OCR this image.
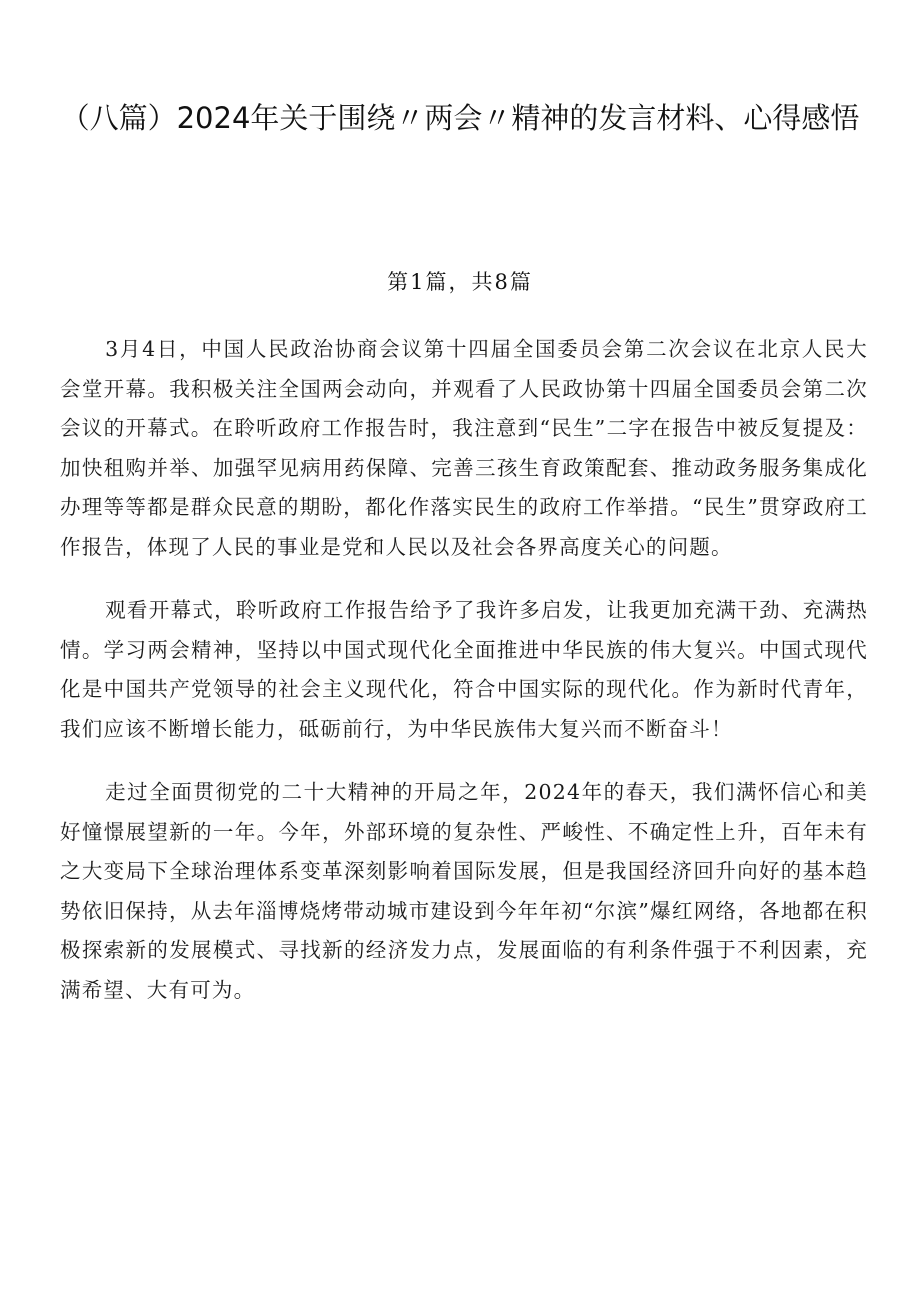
（八篇）2024年关于围绕〃两会〃精神的发言材料、心得感悟
第1篇，共8篇

3月4日，中国人民政治协商会议第十四届全国委员会第二次会议在北京人民大会堂开幕。我积极关注全国两会动向，并观看了人民政协第十四届全国委员会第二次会议的开幕式。在聆听政府工作报告时，我注意到“民生”二字在报告中被反复提及：加快租购并举、加强罕见病用药保障、完善三孩生育政策配套、推动政务服务集成化办理等等都是群众民意的期盼，都化作落实民生的政府工作举措。“民生”贯穿政府工作报告，体现了人民的事业是党和人民以及社会各界高度关心的问题。

观看开幕式，聆听政府工作报告给予了我许多启发，让我更加充满干劲、充满热情。学习两会精神，坚持以中国式现代化全面推进中华民族的伟大复兴。中国式现代化是中国共产党领导的社会主义现代化，符合中国实际的现代化。作为新时代青年，我们应该不断增长能力，砥砺前行，为中华民族伟大复兴而不断奋斗！

走过全面贯彻党的二十大精神的开局之年，2024年的春天，我们满怀信心和美好憧憬展望新的一年。今年，外部环境的复杂性、严峻性、不确定性上升，百年未有之大变局下全球治理体系变革深刻影响着国际发展，但是我国经济回升向好的基本趋势依旧保持，从去年淄博烧烤带动城市建设到今年年初“尔滨”爆红网络，各地都在积极探索新的发展模式、寻找新的经济发力点，发展面临的有利条件强于不利因素，充满希望、大有可为。
